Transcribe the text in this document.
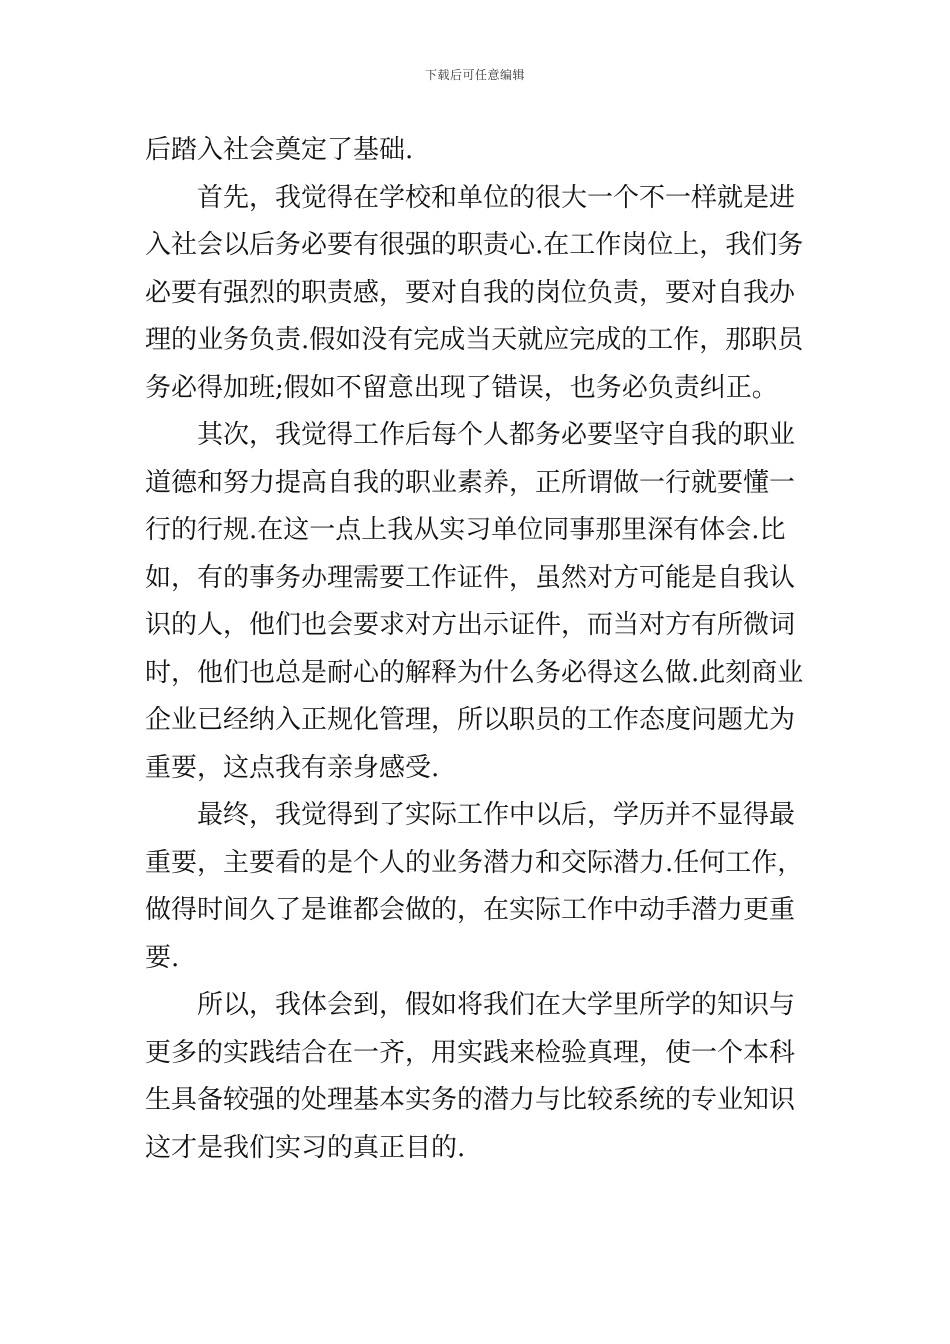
下载后可任意编辑
后踏入社会奠定了基础.
首先，我觉得在学校和单位的很大一个不一样就是进
入社会以后务必要有很强的职责心.在工作岗位上，我们务
必要有强烈的职责感，要对自我的岗位负责，要对自我办
理的业务负责.假如没有完成当天就应完成的工作，那职员
务必得加班;假如不留意出现了错误，也务必负责纠正。
其次，我觉得工作后每个人都务必要坚守自我的职业
道德和努力提高自我的职业素养，正所谓做一行就要懂一
行的行规.在这一点上我从实习单位同事那里深有体会.比
如，有的事务办理需要工作证件，虽然对方可能是自我认
识的人，他们也会要求对方出示证件，而当对方有所微词
时，他们也总是耐心的解释为什么务必得这么做.此刻商业
企业已经纳入正规化管理，所以职员的工作态度问题尤为
重要，这点我有亲身感受.
最终，我觉得到了实际工作中以后，学历并不显得最
重要，主要看的是个人的业务潜力和交际潜力.任何工作，
做得时间久了是谁都会做的，在实际工作中动手潜力更重
要.
所以，我体会到，假如将我们在大学里所学的知识与
更多的实践结合在一齐，用实践来检验真理，使一个本科
生具备较强的处理基本实务的潜力与比较系统的专业知识
这才是我们实习的真正目的.
